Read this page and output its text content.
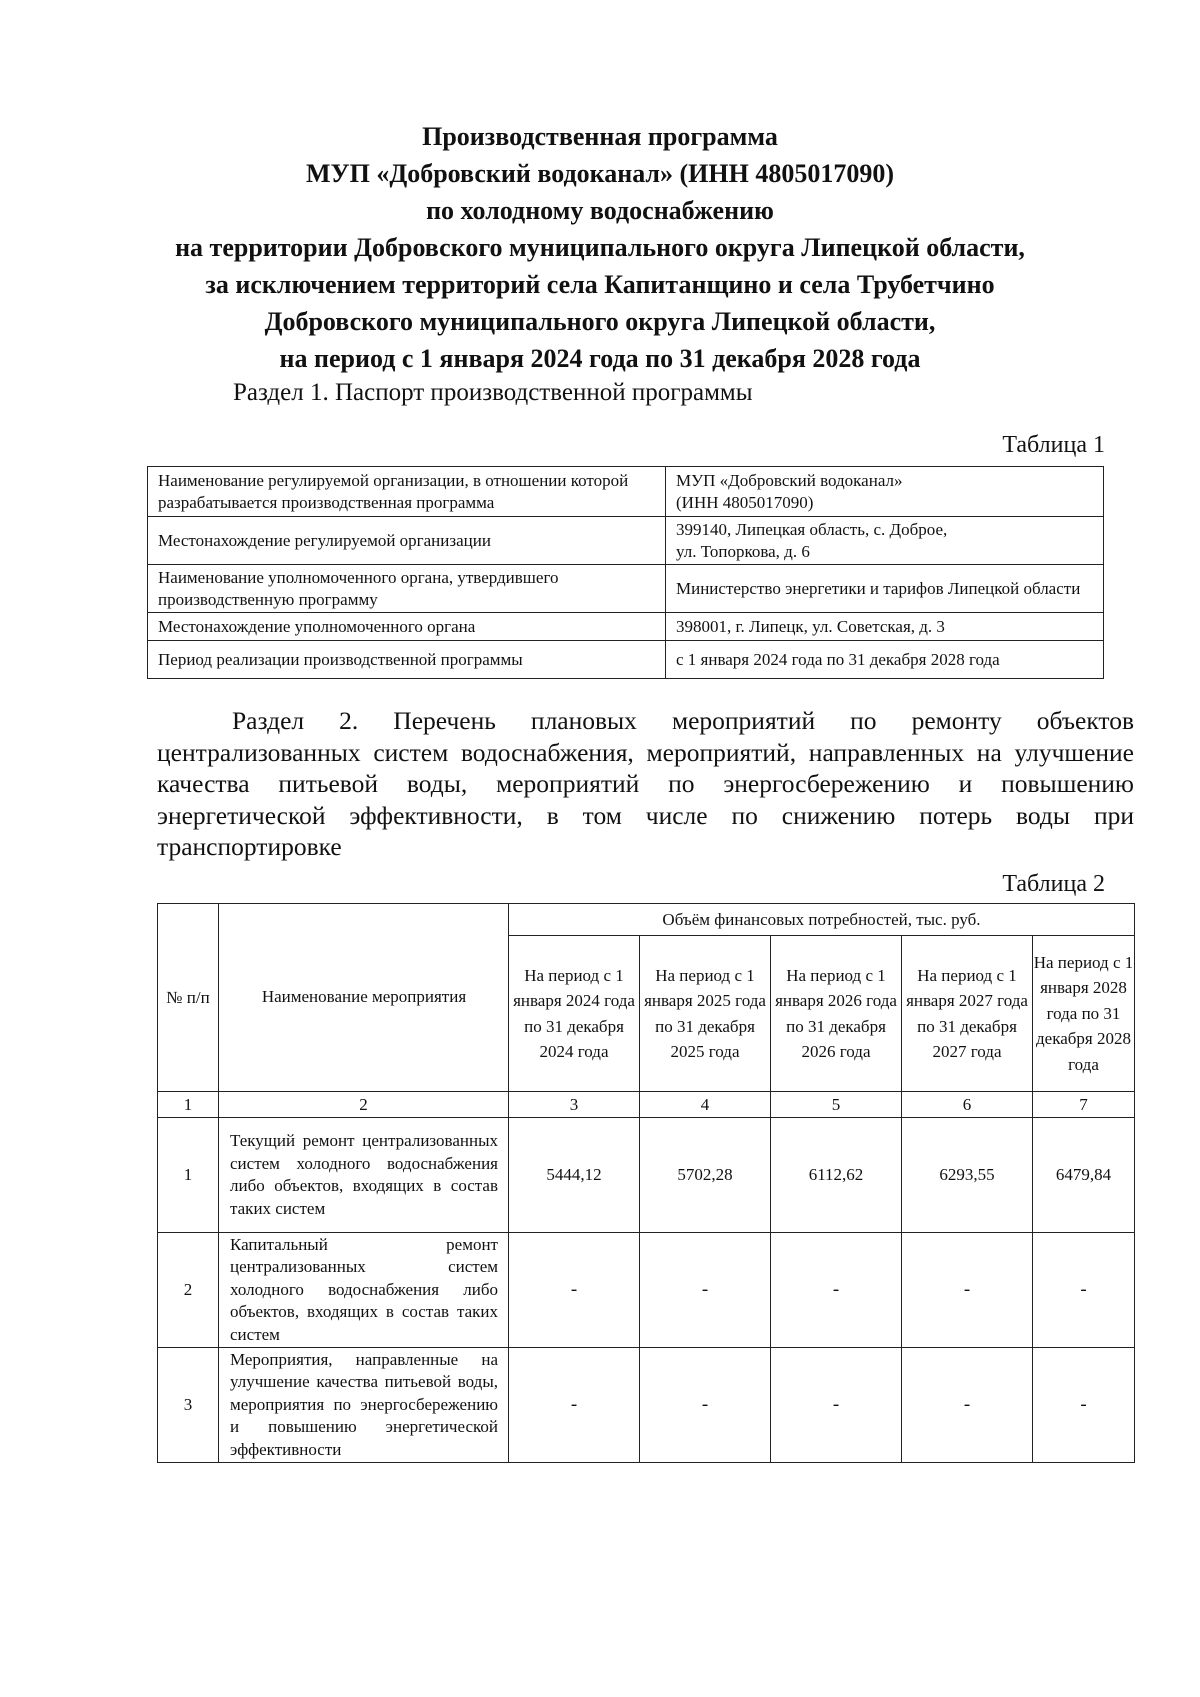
Производственная программа
МУП «Добровский водоканал» (ИНН 4805017090)
по холодному водоснабжению
на территории Добровского муниципального округа Липецкой области,
за исключением территорий села Капитанщино и села Трубетчино
Добровского муниципального округа Липецкой области,
на период с 1 января 2024 года по 31 декабря 2028 года
Раздел 1. Паспорт производственной программы
Таблица 1
Наименование регулируемой организации, в отношении которой разрабатывается производственная программа	МУП «Добровский водоканал»
(ИНН 4805017090)

Местонахождение регулируемой организации	399140, Липецкая область, с. Доброе,
ул. Топоркова, д. 6

Наименование уполномоченного органа, утвердившего производственную программу	Министерство энергетики и тарифов Липецкой области
Местонахождение уполномоченного органа	398001, г. Липецк, ул. Советская, д. 3
Период реализации производственной программы	с 1 января 2024 года по 31 декабря 2028 года
Раздел 2. Перечень плановых мероприятий по ремонту объектов централизованных систем водоснабжения, мероприятий, направленных на улучшение качества питьевой воды, мероприятий по энергосбережению и повышению энергетической эффективности, в том числе по снижению потерь воды при транспортировке
Таблица 2
№ п/п	Наименование мероприятия	Объём финансовых потребностей, тыс. руб.				
		На период с 1 января 2024 года по 31 декабря 2024 года	На период с 1 января 2025 года по 31 декабря 2025 года	На период с 1 января 2026 года по 31 декабря 2026 года	На период с 1 января 2027 года по 31 декабря 2027 года	На период с 1 января 2028 года по 31 декабря 2028 года
1	2	3	4	5	6	7
1	Текущий ремонт централизованных систем холодного водоснабжения либо объектов, входящих в состав таких систем	5444,12	5702,28	6112,62	6293,55	6479,84
2	Капитальный ремонт централизованных систем холодного водоснабжения либо объектов, входящих в состав таких систем	-	-	-	-	-
3	Мероприятия, направленные на улучшение качества питьевой воды, мероприятия по энергосбережению и повышению энергетической эффективности	-	-	-	-	-
